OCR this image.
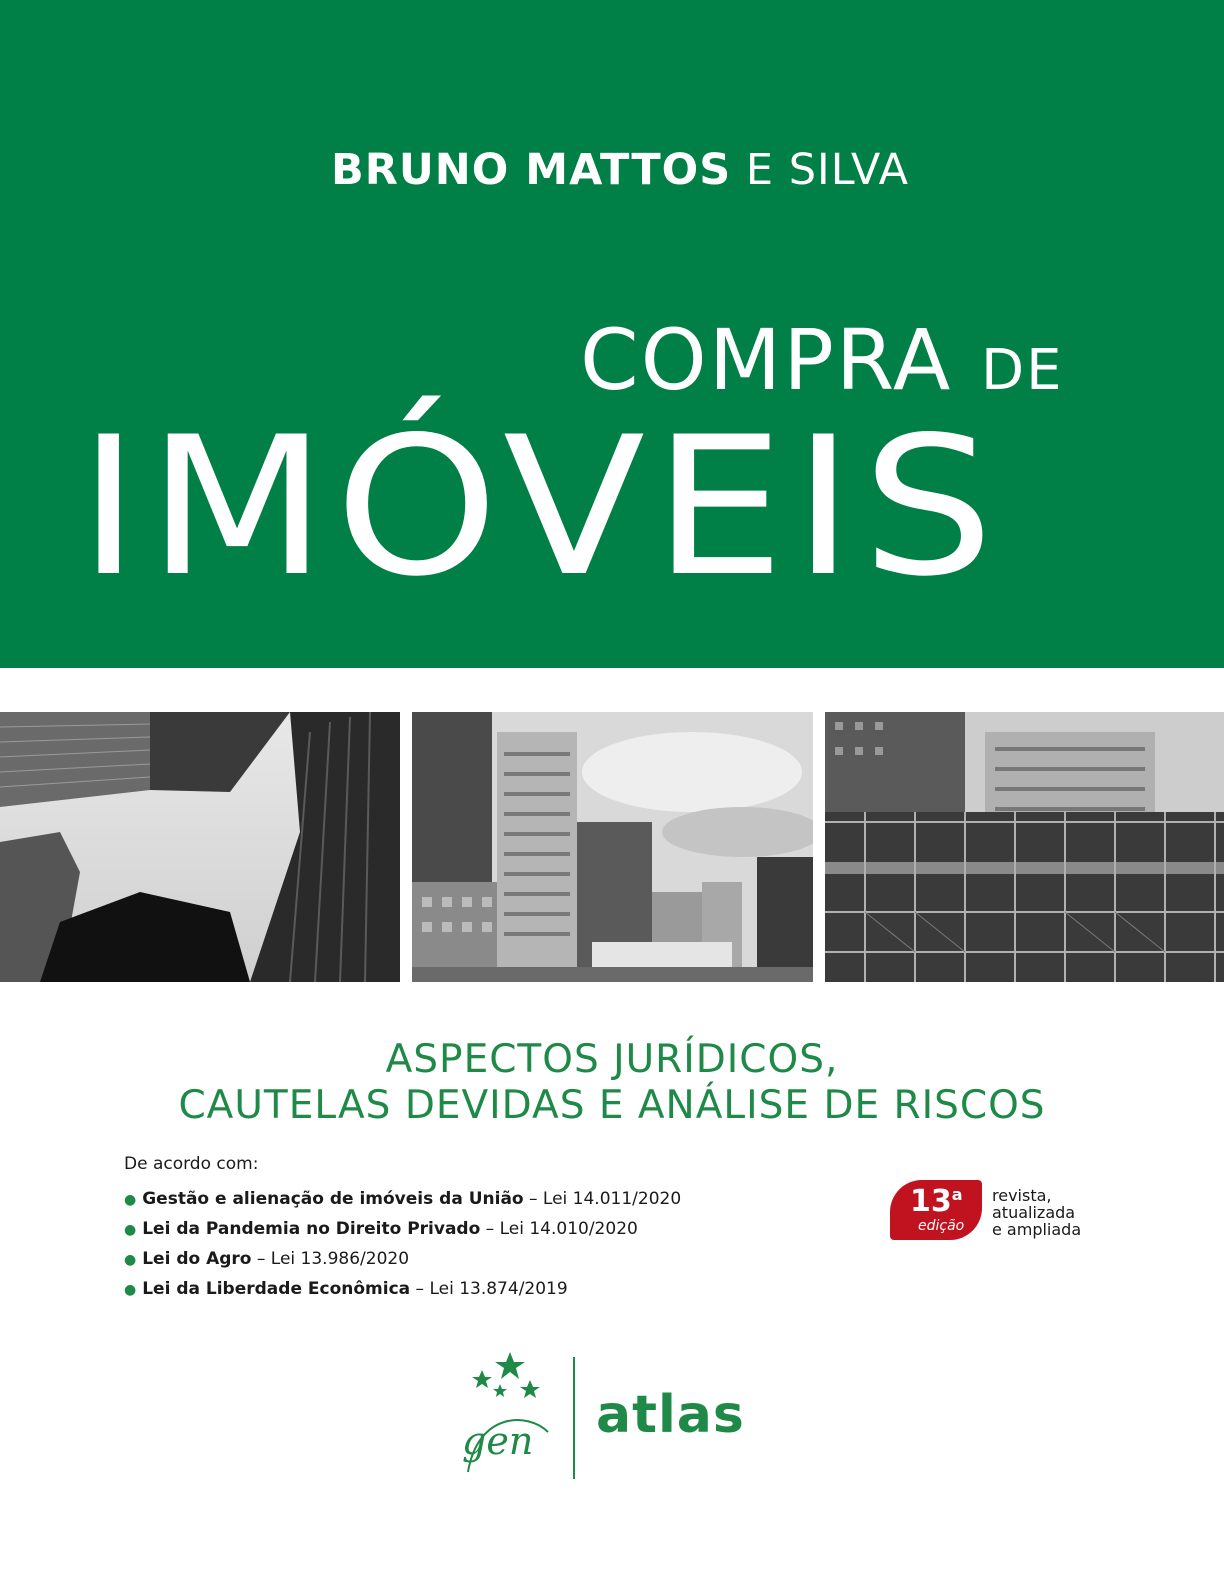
BRUNO MATTOS E SILVA
COMPRA DE
IMÓVEIS
ASPECTOS JURÍDICOS,
CAUTELAS DEVIDAS E ANÁLISE DE RISCOS
De acordo com:
● Gestão e alienação de imóveis da União – Lei 14.011/2020
● Lei da Pandemia no Direito Privado – Lei 14.010/2020
● Lei do Agro – Lei 13.986/2020
● Lei da Liberdade Econômica – Lei 13.874/2019
13$^a$
edição
revista,
atualizada
e ampliada
gen atlas
